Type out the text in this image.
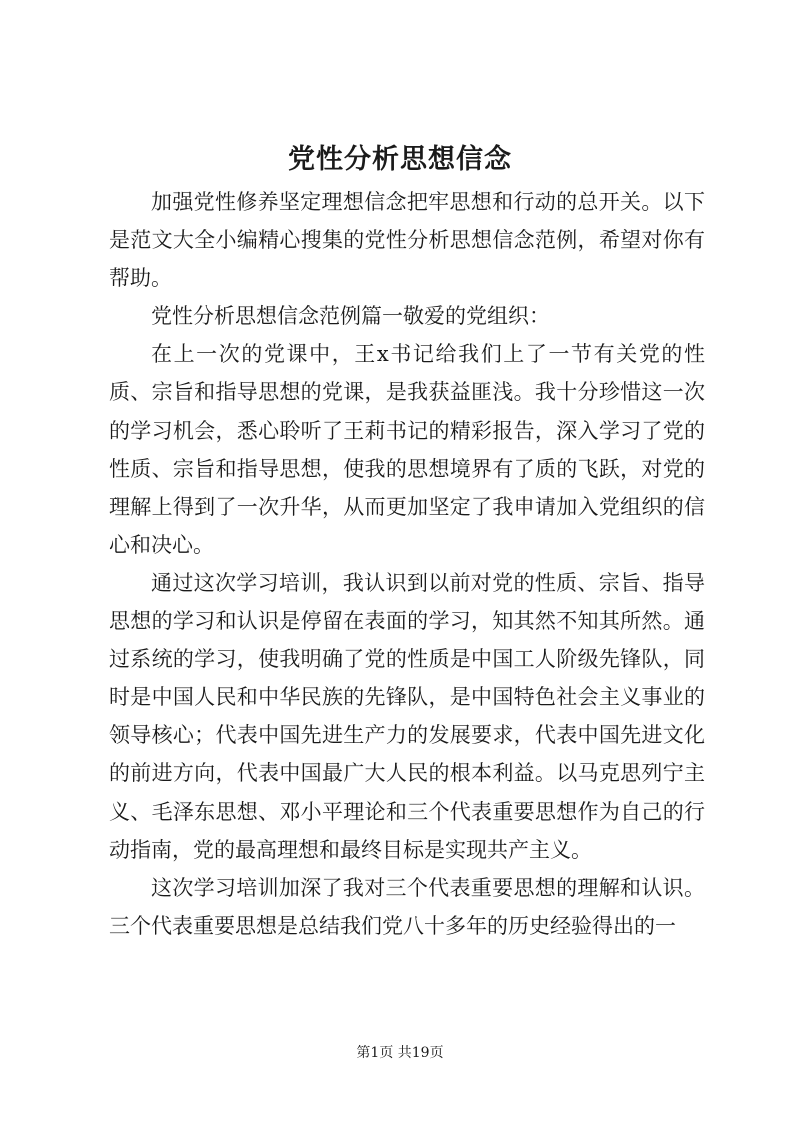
党性分析思想信念

加强党性修养坚定理想信念把牢思想和行动的总开关。以下是范文大全小编精心搜集的党性分析思想信念范例，希望对你有帮助。

党性分析思想信念范例篇一敬爱的党组织：

在上一次的党课中，王x书记给我们上了一节有关党的性质、宗旨和指导思想的党课，是我获益匪浅。我十分珍惜这一次的学习机会，悉心聆听了王莉书记的精彩报告，深入学习了党的性质、宗旨和指导思想，使我的思想境界有了质的飞跃，对党的理解上得到了一次升华，从而更加坚定了我申请加入党组织的信心和决心。

通过这次学习培训，我认识到以前对党的性质、宗旨、指导思想的学习和认识是停留在表面的学习，知其然不知其所然。通过系统的学习，使我明确了党的性质是中国工人阶级先锋队，同时是中国人民和中华民族的先锋队，是中国特色社会主义事业的领导核心；代表中国先进生产力的发展要求，代表中国先进文化的前进方向，代表中国最广大人民的根本利益。以马克思列宁主义、毛泽东思想、邓小平理论和三个代表重要思想作为自己的行动指南，党的最高理想和最终目标是实现共产主义。

这次学习培训加深了我对三个代表重要思想的理解和认识。三个代表重要思想是总结我们党八十多年的历史经验得出的一

第1页 共19页
